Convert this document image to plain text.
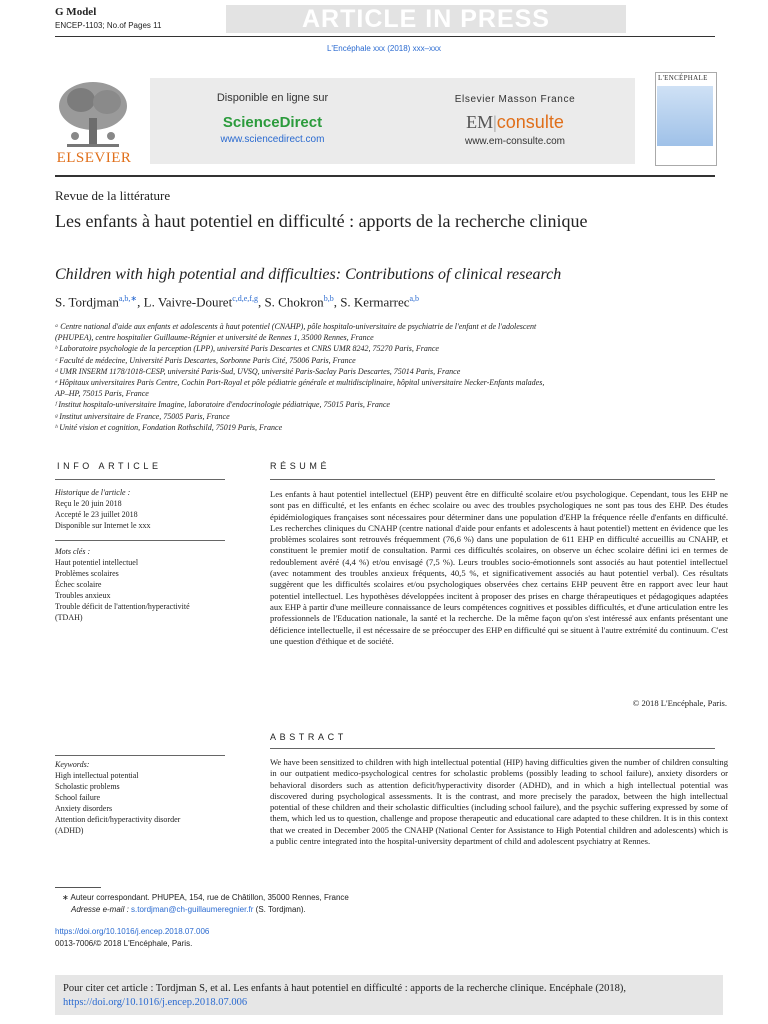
G Model
ENCEP-1103; No.of Pages 11	ARTICLE IN PRESS
L'Encéphale xxx (2018) xxx–xxx
ELSEVIER
Disponible en ligne sur
ScienceDirect
www.sciencedirect.com
Elsevier Masson France
EM|consulte
www.em-consulte.com
L'ENCÉPHALE
Revue de la littérature
Les enfants à haut potentiel en difficulté : apports de la recherche clinique
Children with high potential and difficulties: Contributions of clinical research
S. Tordjman$^{a,b,∗}$, L. Vaivre-Douret$^{c,d,e,f,g}$, S. Chokron$^{b,b}$, S. Kermarrec$^{a,b}$
ᵃ Centre national d'aide aux enfants et adolescents à haut potentiel (CNAHP), pôle hospitalo-universitaire de psychiatrie de l'enfant et de l'adolescent
(PHUPEA), centre hospitalier Guillaume-Régnier et université de Rennes 1, 35000 Rennes, France
ᵇ Laboratoire psychologie de la perception (LPP), université Paris Descartes et CNRS UMR 8242, 75270 Paris, France
ᶜ Faculté de médecine, Université Paris Descartes, Sorbonne Paris Cité, 75006 Paris, France
ᵈ UMR INSERM 1178/1018-CESP, université Paris-Sud, UVSQ, université Paris-Saclay Paris Descartes, 75014 Paris, France
ᵉ Hôpitaux universitaires Paris Centre, Cochin Port-Royal et pôle pédiatrie générale et multidisciplinaire, hôpital universitaire Necker-Enfants malades,
AP–HP, 75015 Paris, France
ᶠ Institut hospitalo-universitaire Imagine, laboratoire d'endocrinologie pédiatrique, 75015 Paris, France
ᵍ Institut universitaire de France, 75005 Paris, France
ʰ Unité vision et cognition, Fondation Rothschild, 75019 Paris, France
INFO ARTICLE
Historique de l'article :
Reçu le 20 juin 2018
Accepté le 23 juillet 2018
Disponible sur Internet le xxx
Mots clés :
Haut potentiel intellectuel
Problèmes scolaires
Échec scolaire
Troubles anxieux
Trouble déficit de l'attention/hyperactivité
(TDAH)
Keywords:
High intellectual potential
Scholastic problems
School failure
Anxiety disorders
Attention deficit/hyperactivity disorder
(ADHD)
RÉSUMÉ
Les enfants à haut potentiel intellectuel (EHP) peuvent être en difficulté scolaire et/ou psychologique. Cependant, tous les EHP ne sont pas en difficulté, et les enfants en échec scolaire ou avec des troubles psychologiques ne sont pas tous des EHP. Des études épidémiologiques françaises sont nécessaires pour déterminer dans une population d'EHP la fréquence réelle d'enfants en difficulté. Les recherches cliniques du CNAHP (centre national d'aide pour enfants et adolescents à haut potentiel) mettent en évidence que les problèmes scolaires sont retrouvés fréquemment (76,6 %) dans une population de 611 EHP en difficulté accueillis au CNAHP, et constituent le premier motif de consultation. Parmi ces difficultés scolaires, on observe un échec scolaire défini ici en termes de redoublement avéré (4,4 %) et/ou envisagé (7,5 %). Leurs troubles socio-émotionnels sont associés au haut potentiel intellectuel (avec notamment des troubles anxieux fréquents, 40,5 %, et significativement associés au haut potentiel verbal). Ces résultats suggèrent que les difficultés scolaires et/ou psychologiques observées chez certains EHP peuvent être en rapport avec leur haut potentiel intellectuel. Les hypothèses développées incitent à proposer des prises en charge thérapeutiques et pédagogiques adaptées aux EHP à partir d'une meilleure connaissance de leurs compétences cognitives et possibles difficultés, et d'une articulation entre les professionnels de l'Education nationale, la santé et la recherche. De la même façon qu'on s'est intéressé aux enfants présentant une déficience intellectuelle, il est nécessaire de se préoccuper des EHP en difficulté qui se situent à l'autre extrémité du continuum. C'est une question d'éthique et de société.
© 2018 L'Encéphale, Paris.
ABSTRACT
We have been sensitized to children with high intellectual potential (HIP) having difficulties given the number of children consulting in our outpatient medico-psychological centres for scholastic problems (possibly leading to school failure), anxiety disorders or behavioral disorders such as attention deficit/hyperactivity disorder (ADHD), and in which a high intellectual potential was discovered during psychological assessments. It is the contrast, and more precisely the paradox, between the high intellectual potential of these children and their scholastic difficulties (including school failure), and the psychic suffering expressed by some of them, which led us to question, challenge and propose therapeutic and educational care adapted to these children. It is in this context that we created in December 2005 the CNAHP (National Center for Assistance to High Potential children and adolescents) which is a public centre integrated into the hospital-university department of child and adolescent psychiatry at Rennes.
∗ Auteur correspondant. PHUPEA, 154, rue de Châtillon, 35000 Rennes, France
Adresse e-mail : s.tordjman@ch-guillaumeregnier.fr (S. Tordjman).
https://doi.org/10.1016/j.encep.2018.07.006
0013-7006/© 2018 L'Encéphale, Paris.
Pour citer cet article : Tordjman S, et al. Les enfants à haut potentiel en difficulté : apports de la recherche clinique. Encéphale (2018),
https://doi.org/10.1016/j.encep.2018.07.006
